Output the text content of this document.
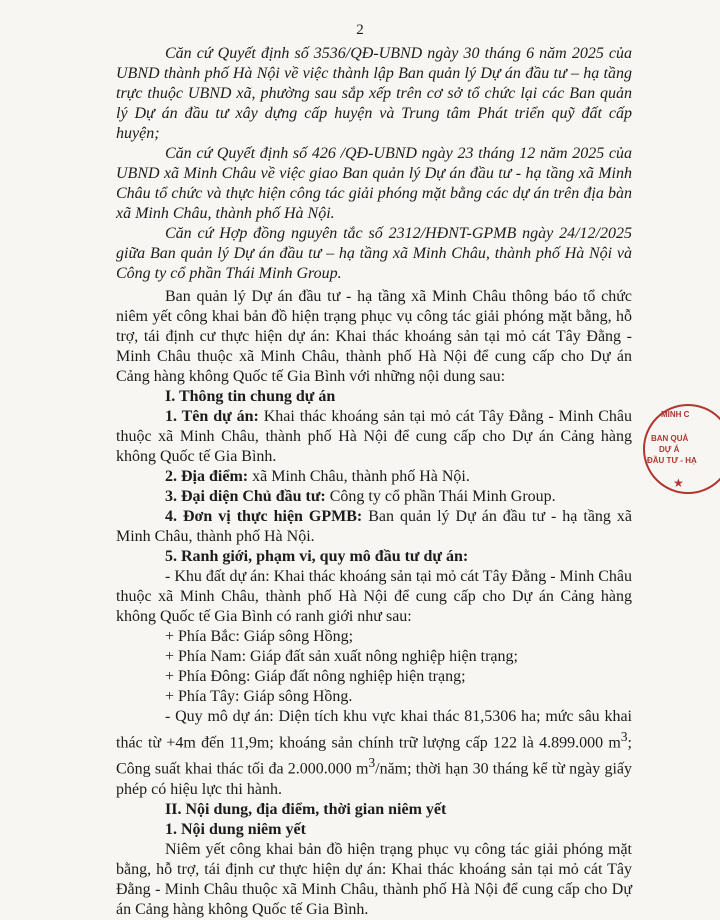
2

Căn cứ Quyết định số 3536/QĐ-UBND ngày 30 tháng 6 năm 2025 của UBND thành phố Hà Nội về việc thành lập Ban quản lý Dự án đầu tư – hạ tầng trực thuộc UBND xã, phường sau sắp xếp trên cơ sở tổ chức lại các Ban quản lý Dự án đầu tư xây dựng cấp huyện và Trung tâm Phát triển quỹ đất cấp huyện;

Căn cứ Quyết định số 426 /QĐ-UBND ngày 23 tháng 12 năm 2025 của UBND xã Minh Châu về việc giao Ban quản lý Dự án đầu tư - hạ tầng xã Minh Châu tổ chức và thực hiện công tác giải phóng mặt bằng các dự án trên địa bàn xã Minh Châu, thành phố Hà Nội.

Căn cứ Hợp đồng nguyên tắc số 2312/HĐNT-GPMB ngày 24/12/2025 giữa Ban quản lý Dự án đầu tư – hạ tầng xã Minh Châu, thành phố Hà Nội và Công ty cổ phần Thái Minh Group.

Ban quản lý Dự án đầu tư - hạ tầng xã Minh Châu thông báo tổ chức niêm yết công khai bản đồ hiện trạng phục vụ công tác giải phóng mặt bằng, hỗ trợ, tái định cư thực hiện dự án: Khai thác khoáng sản tại mỏ cát Tây Đằng - Minh Châu thuộc xã Minh Châu, thành phố Hà Nội để cung cấp cho Dự án Cảng hàng không Quốc tế Gia Bình với những nội dung sau:

I. Thông tin chung dự án

1. Tên dự án: Khai thác khoáng sản tại mỏ cát Tây Đằng - Minh Châu thuộc xã Minh Châu, thành phố Hà Nội để cung cấp cho Dự án Cảng hàng không Quốc tế Gia Bình.

2. Địa điểm: xã Minh Châu, thành phố Hà Nội.

3. Đại diện Chủ đầu tư: Công ty cổ phần Thái Minh Group.

4. Đơn vị thực hiện GPMB: Ban quản lý Dự án đầu tư - hạ tầng xã Minh Châu, thành phố Hà Nội.

5. Ranh giới, phạm vi, quy mô đầu tư dự án:

- Khu đất dự án: Khai thác khoáng sản tại mỏ cát Tây Đằng - Minh Châu thuộc xã Minh Châu, thành phố Hà Nội để cung cấp cho Dự án Cảng hàng không Quốc tế Gia Bình có ranh giới như sau:

+ Phía Bắc: Giáp sông Hồng;

+ Phía Nam: Giáp đất sản xuất nông nghiệp hiện trạng;

+ Phía Đông: Giáp đất nông nghiệp hiện trạng;

+ Phía Tây: Giáp sông Hồng.

- Quy mô dự án: Diện tích khu vực khai thác 81,5306 ha; mức sâu khai thác từ +4m đến 11,9m; khoáng sản chính trữ lượng cấp 122 là 4.899.000 $m^3$; Công suất khai thác tối đa 2.000.000 $m^3$/năm; thời hạn 30 tháng kể từ ngày giấy phép có hiệu lực thi hành.

II. Nội dung, địa điểm, thời gian niêm yết

1. Nội dung niêm yết

Niêm yết công khai bản đồ hiện trạng phục vụ công tác giải phóng mặt bằng, hỗ trợ, tái định cư thực hiện dự án: Khai thác khoáng sản tại mỏ cát Tây Đằng - Minh Châu thuộc xã Minh Châu, thành phố Hà Nội để cung cấp cho Dự án Cảng hàng không Quốc tế Gia Bình.

MINH C
BAN QUẢ
DỰ Á
ĐẦU TƯ - HẠ
★
